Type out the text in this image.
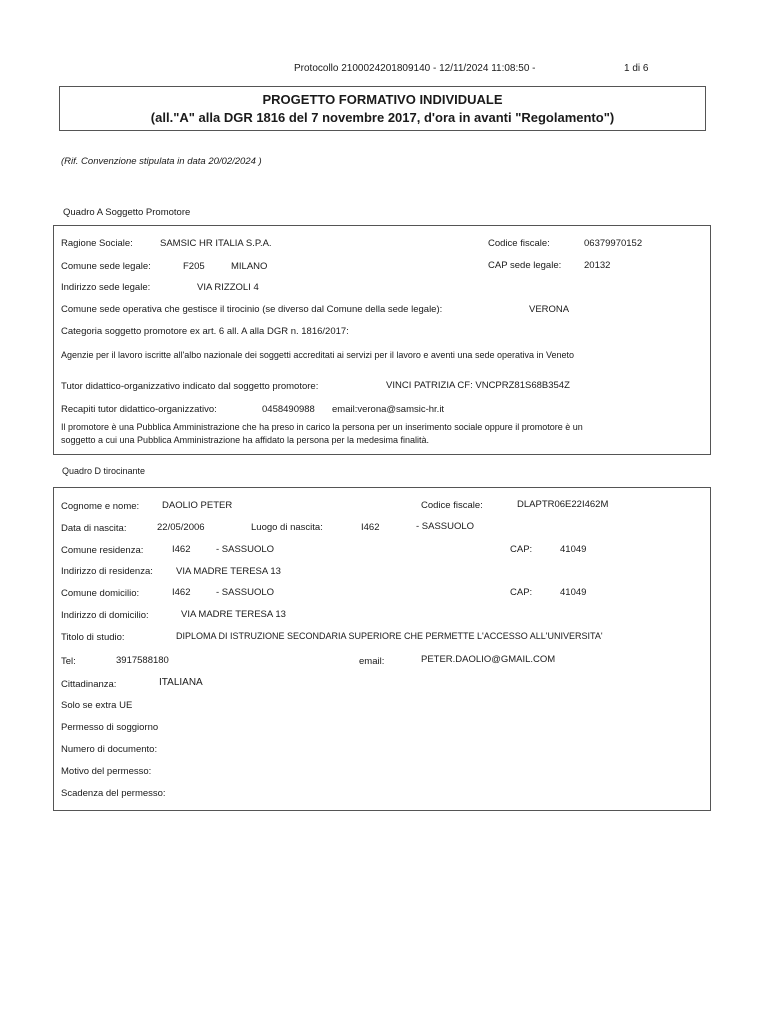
Protocollo 2100024201809140 - 12/11/2024 11:08:50 -	1 di 6
PROGETTO FORMATIVO INDIVIDUALE
(all."A" alla DGR 1816 del 7 novembre 2017, d'ora in avanti "Regolamento")
(Rif. Convenzione stipulata in data 20/02/2024 )
Quadro A Soggetto Promotore
Ragione Sociale:	SAMSIC HR ITALIA S.P.A.	Codice fiscale:	06379970152
Comune sede legale:	F205	MILANO	CAP sede legale: 20132
Indirizzo sede legale:	VIA RIZZOLI 4
Comune sede operativa che gestisce il tirocinio (se diverso dal Comune della sede legale):	VERONA
Categoria soggetto promotore ex art. 6 all. A alla DGR n. 1816/2017:
Agenzie per il lavoro iscritte all'albo nazionale dei soggetti accreditati ai servizi per il lavoro e aventi una sede operativa in Veneto
Tutor didattico-organizzativo indicato dal soggetto promotore:	VINCI PATRIZIA CF: VNCPRZ81S68B354Z
Recapiti tutor didattico-organizzativo:	0458490988 email:verona@samsic-hr.it
Il promotore è una Pubblica Amministrazione che ha preso in carico la persona per un inserimento sociale oppure il promotore è un
soggetto a cui una Pubblica Amministrazione ha affidato la persona per la medesima finalità.
Quadro D tirocinante
Cognome e nome: DAOLIO PETER	Codice fiscale:	DLAPTR06E22I462M
Data di nascita:	22/05/2006	Luogo di nascita:	I462	- SASSUOLO
Comune residenza:	I462	- SASSUOLO	CAP:	41049
Indirizzo di residenza: VIA MADRE TERESA 13
Comune domicilio:	I462	- SASSUOLO	CAP:	41049
Indirizzo di domicilio:	VIA MADRE TERESA 13
Titolo di studio:	DIPLOMA DI ISTRUZIONE SECONDARIA SUPERIORE CHE PERMETTE L'ACCESSO ALL'UNIVERSITA'
Tel:	3917588180	email:	PETER.DAOLIO@GMAIL.COM
Cittadinanza:	ITALIANA
Solo se extra UE
Permesso di soggiorno
Numero di documento:
Motivo del permesso:
Scadenza del permesso:
